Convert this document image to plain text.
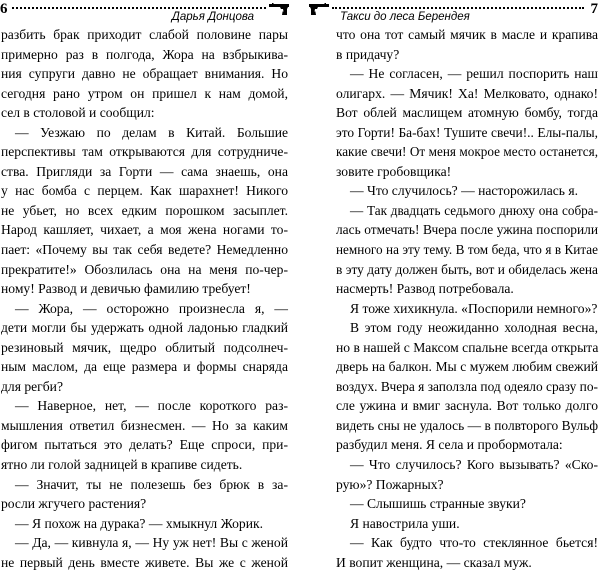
6	Дарья Донцова

разбить брак приходит слабой половине пары

примерно раз в полгода, Жора на взбрыкива-

ния супруги давно не обращает внимания. Но

сегодня рано утром он пришел к нам домой,

сел в столовой и сообщил:

— Уезжаю по делам в Китай. Большие

перспективы там открываются для сотрудниче-

ства. Пригляди за Горти — сама знаешь, она

у нас бомба с перцем. Как шарахнет! Никого

не убьет, но всех едким порошком засыплет.

Народ кашляет, чихает, а моя жена ногами то-

пает: «Почему вы так себя ведете? Немедленно

прекратите!» Обозлилась она на меня по-чер-

ному! Развод и девичью фамилию требует!

— Жора, — осторожно произнесла я, —

дети могли бы удержать одной ладонью гладкий

резиновый мячик, щедро облитый подсолнеч-

ным маслом, да еще размера и формы снаряда

для регби?

— Наверное, нет, — после короткого раз-

мышления ответил бизнесмен. — Но за каким

фигом пытаться это делать? Еще спроси, при-

ятно ли голой задницей в крапиве сидеть.

— Значит, ты не полезешь без брюк в за-

росли жгучего растения?

— Я похож на дурака? — хмыкнул Жорик.

— Да, — кивнула я, — Ну уж нет! Вы с женой

не первый день вместе живете. Вы же с женой

Такси до леса Берендея	7

что она тот самый мячик в масле и крапива

в придачу?

— Не согласен, — решил поспорить наш

олигарх. — Мячик! Ха! Мелковато, однако!

Вот облей маслищем атомную бомбу, тогда

это Горти! Ба-бах! Тушите свечи!.. Елы-палы,

какие свечи! От меня мокрое место останется,

зовите гробовщика!

— Что случилось? — насторожилась я.

— Так двадцать седьмого днюху она собра-

лась отмечать! Вчера после ужина поспорили

немного на эту тему. В том беда, что я в Китае

в эту дату должен быть, вот и обиделась жена

насмерть! Развод потребовала.

Я тоже хихикнула. «Поспорили немного»?

В этом году неожиданно холодная весна,

но в нашей с Максом спальне всегда открыта

дверь на балкон. Мы с мужем любим свежий

воздух. Вчера я заползла под одеяло сразу по-

сле ужина и вмиг заснула. Вот только долго

видеть сны не удалось — в полвторого Вульф

разбудил меня. Я села и пробормотала:

— Что случилось? Кого вызывать? «Ско-

рую»? Пожарных?

— Слышишь странные звуки?

Я навострила уши.

— Как будто что-то стеклянное бьется!

И вопит женщина, — сказал муж.
